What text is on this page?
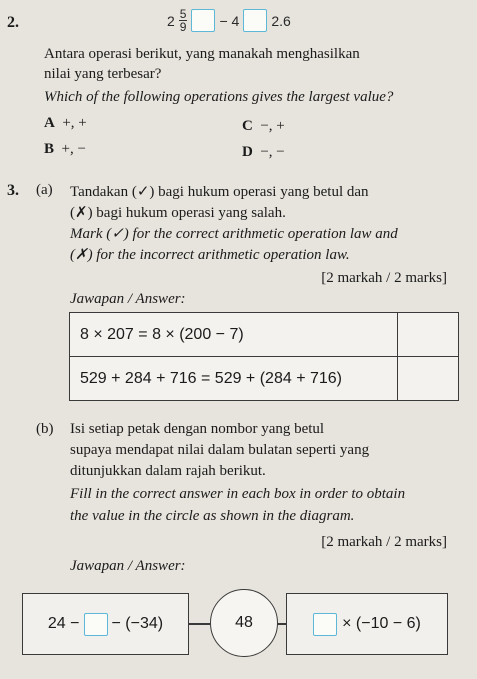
2.	$2 \frac{5}{9} - 4$ 2.6
Antara operasi berikut, yang manakah menghasilkan
nilai yang terbesar?
Which of the following operations gives the largest value?
A +, +
B +, −
C −, +
D −, −
3. (a) Tandakan (✓) bagi hukum operasi yang betul dan
(✗) bagi hukum operasi yang salah.
Mark (✓) for the correct arithmetic operation law and
(✗) for the incorrect arithmetic operation law.
[2 markah / 2 marks]
Jawapan / Answer:
8 × 207 = 8 × (200 − 7)	
529 + 284 + 716 = 529 + (284 + 716)	
(b) Isi setiap petak dengan nombor yang betul
supaya mendapat nilai dalam bulatan seperti yang
ditunjukkan dalam rajah berikut.
Fill in the correct answer in each box in order to obtain
the value in the circle as shown in the diagram.
[2 markah / 2 marks]
Jawapan / Answer:
24 − − (−34)	48	× (−10 − 6)
